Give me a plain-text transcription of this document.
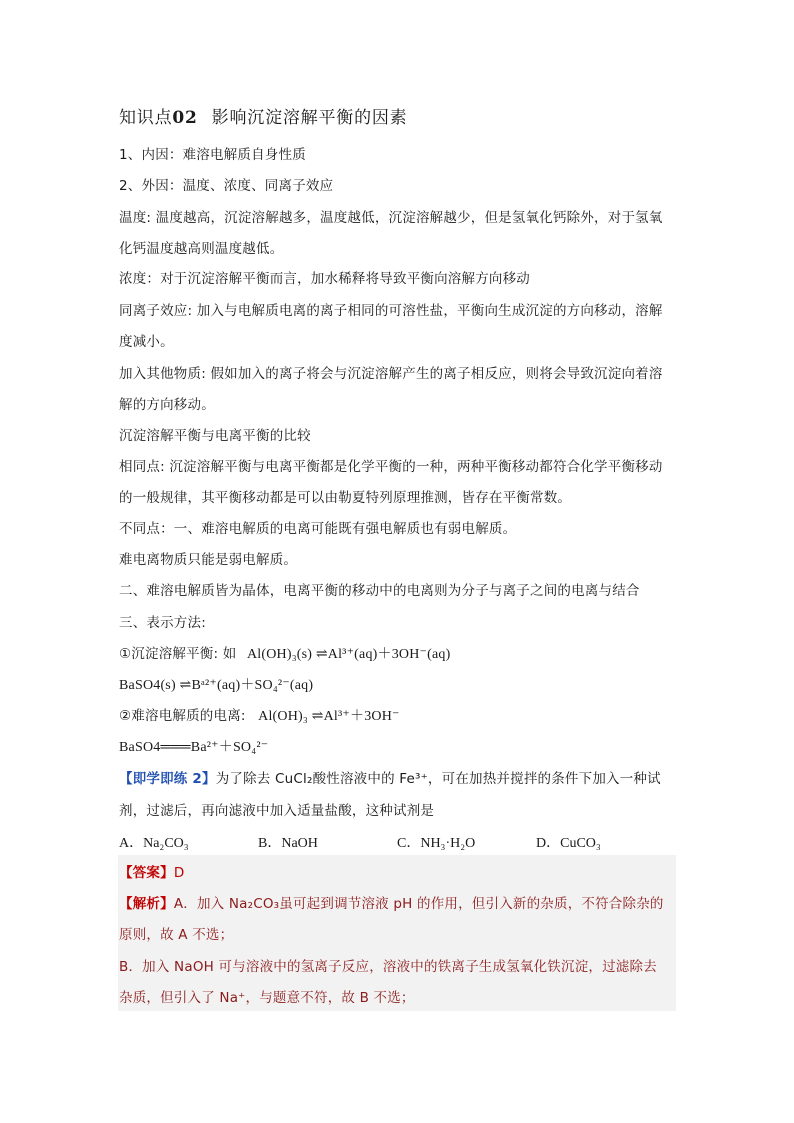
知识点02 影响沉淀溶解平衡的因素
1、内因：难溶电解质自身性质
2、外因：温度、浓度、同离子效应
温度: 温度越高，沉淀溶解越多，温度越低，沉淀溶解越少，但是氢氧化钙除外，对于氢氧
化钙温度越高则温度越低。
浓度：对于沉淀溶解平衡而言，加水稀释将导致平衡向溶解方向移动
同离子效应: 加入与电解质电离的离子相同的可溶性盐，平衡向生成沉淀的方向移动，溶解
度减小。
加入其他物质: 假如加入的离子将会与沉淀溶解产生的离子相反应，则将会导致沉淀向着溶
解的方向移动。
沉淀溶解平衡与电离平衡的比较
相同点: 沉淀溶解平衡与电离平衡都是化学平衡的一种，两种平衡移动都符合化学平衡移动
的一般规律，其平衡移动都是可以由勒夏特列原理推测，皆存在平衡常数。
不同点：一、难溶电解质的电离可能既有强电解质也有弱电解质。
难电离物质只能是弱电解质。
二、难溶电解质皆为晶体，电离平衡的移动中的电离则为分子与离子之间的电离与结合
三、表示方法:
①沉淀溶解平衡: 如 Al(OH)₃(s) ⇌Al³⁺(aq)＋3OH⁻(aq)
BaSO4(s) ⇌Bᵃ²⁺(aq)＋SO₄²⁻(aq)
②难溶电解质的电离: Al(OH)₃ ⇌Al³⁺＋3OH⁻
BaSO4═══Ba²⁺＋SO₄²⁻
【即学即练 2】为了除去 CuCl₂酸性溶液中的 Fe³⁺，可在加热并搅拌的条件下加入一种试
剂，过滤后，再向滤液中加入适量盐酸，这种试剂是
A．Na₂CO₃	B．NaOH	C．NH₃·H₂O	D．CuCO₃
【答案】D
【解析】A．加入 Na₂CO₃虽可起到调节溶液 pH 的作用，但引入新的杂质，不符合除杂的
原则，故 A 不选；
B．加入 NaOH 可与溶液中的氢离子反应，溶液中的铁离子生成氢氧化铁沉淀，过滤除去
杂质，但引入了 Na⁺，与题意不符，故 B 不选；
